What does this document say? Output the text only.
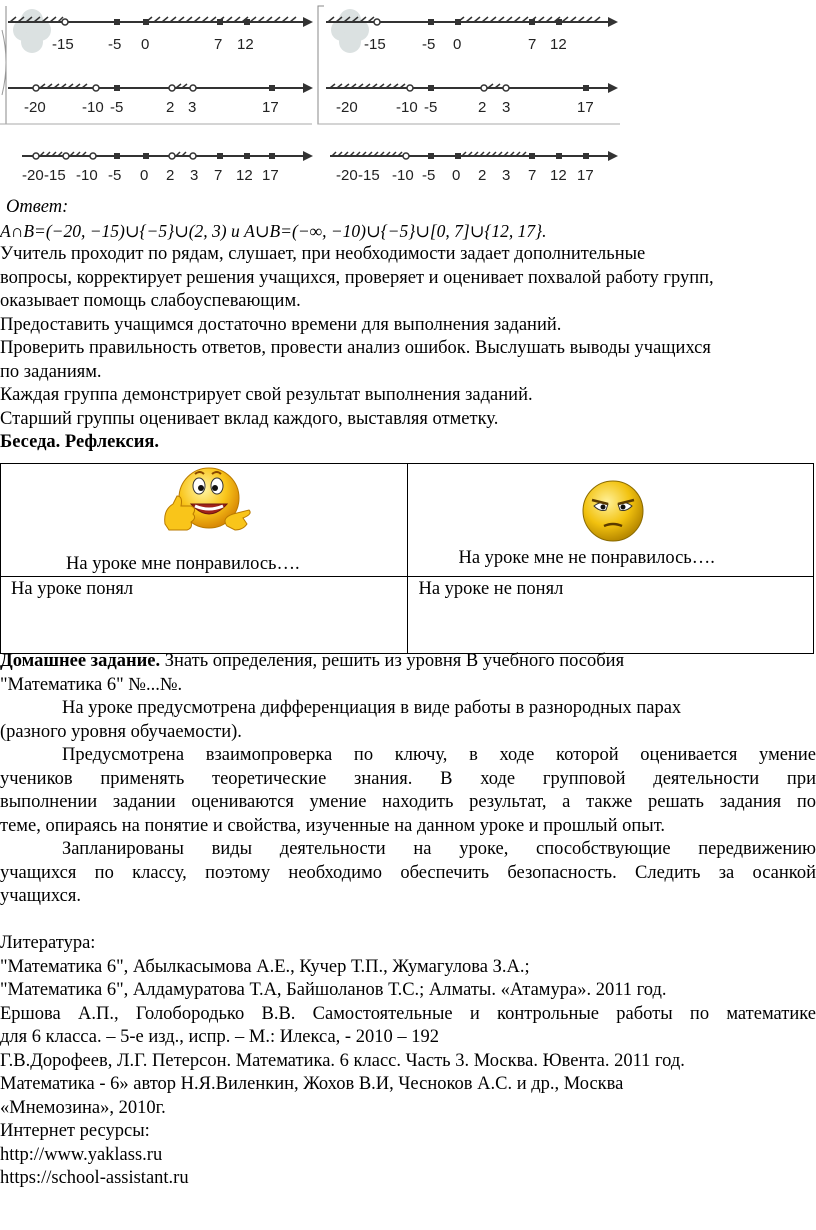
-15 -5 0	7 12
-20 -10 -5	2 3	17
-20 -15 -10 -5 0 2 3 7 12 17
-15 -5 0	7 12
-20	-10 -5	2 3	17
-20 -15 -10 -5 0 2 3 7 12 17
Ответ:
A∩B=(−20, −15)∪{−5}∪(2, 3) и A∪B=(−∞, −10)∪{−5}∪[0, 7]∪{12, 17}.
Учитель проходит по рядам, слушает, при необходимости задает дополнительные
вопросы, корректирует решения учащихся, проверяет и оценивает похвалой работу групп,
оказывает помощь слабоуспевающим.
Предоставить учащимся достаточно времени для выполнения заданий.
Проверить правильность ответов, провести анализ ошибок. Выслушать выводы учащихся
по заданиям.
Каждая группа демонстрирует свой результат выполнения заданий.
Старший группы оценивает вклад каждого, выставляя отметку.
Беседа. Рефлексия.
На уроке мне понравилось….	На уроке мне не понравилось….

На уроке понял	На уроке не понял
Домашнее задание. Знать определения, решить из уровня В учебного пособия
"Математика 6" №...№.
На уроке предусмотрена дифференциация в виде работы в разнородных парах
(разного уровня обучаемости).
Предусмотрена взаимопроверка по ключу, в ходе которой оценивается умение
учеников применять теоретические знания. В ходе групповой деятельности при
выполнении задании оцениваются умение находить результат, а также решать задания по
теме, опираясь на понятие и свойства, изученные на данном уроке и прошлый опыт.
Запланированы виды деятельности на уроке, способствующие передвижению
учащихся по классу, поэтому необходимо обеспечить безопасность. Следить за осанкой
учащихся.

Литература:
"Математика 6", Абылкасымова А.Е., Кучер Т.П., Жумагулова З.А.;
"Математика 6", Алдамуратова Т.А, Байшоланов Т.С.; Алматы. «Атамура». 2011 год.
Ершова А.П., Голобородько В.В. Самостоятельные и контрольные работы по математике
для 6 класса. – 5-е изд., испр. – М.: Илекса, - 2010 – 192
Г.В.Дорофеев, Л.Г. Петерсон. Математика. 6 класс. Часть 3. Москва. Ювента. 2011 год.
Математика - 6» автор Н.Я.Виленкин, Жохов В.И, Чесноков А.С. и др., Москва
«Мнемозина», 2010г.
Интернет ресурсы:
http://www.yaklass.ru
https://school-assistant.ru
